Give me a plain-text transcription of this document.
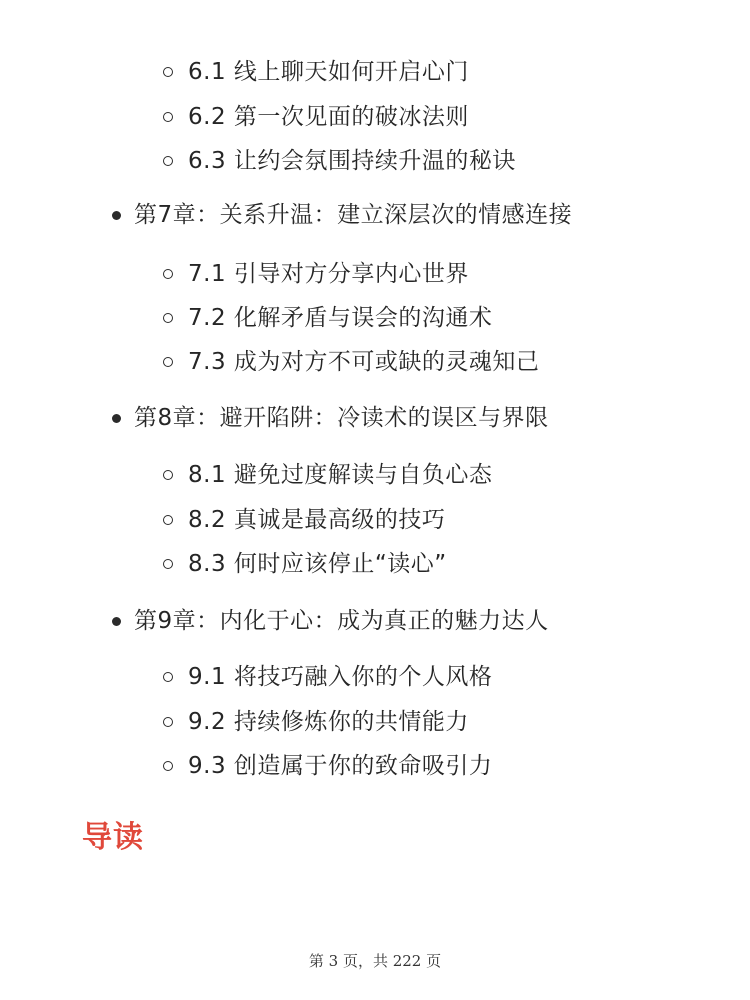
6.1 线上聊天如何开启心门
6.2 第一次见面的破冰法则
6.3 让约会氛围持续升温的秘诀
第7章：关系升温：建立深层次的情感连接
7.1 引导对方分享内心世界
7.2 化解矛盾与误会的沟通术
7.3 成为对方不可或缺的灵魂知己
第8章：避开陷阱：冷读术的误区与界限
8.1 避免过度解读与自负心态
8.2 真诚是最高级的技巧
8.3 何时应该停止“读心”
第9章：内化于心：成为真正的魅力达人
9.1 将技巧融入你的个人风格
9.2 持续修炼你的共情能力
9.3 创造属于你的致命吸引力
导读
第 3 页，共 222 页
